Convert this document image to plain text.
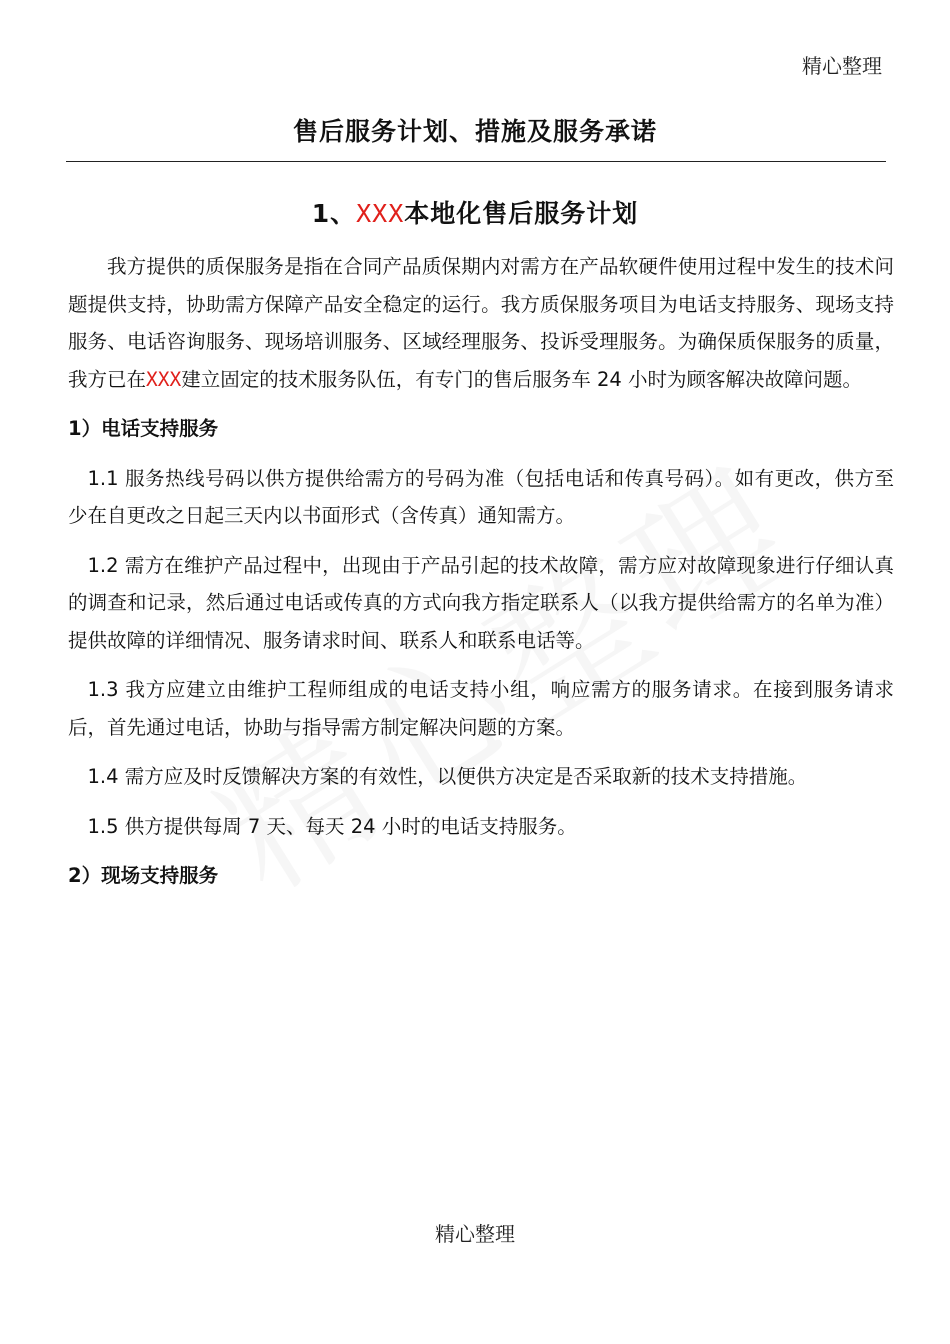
精心整理
售后服务计划、措施及服务承诺
1、XXX本地化售后服务计划

我方提供的质保服务是指在合同产品质保期内对需方在产品软硬件使用过程中发生的技术问题提供支持，协助需方保障产品安全稳定的运行。我方质保服务项目为电话支持服务、现场支持服务、电话咨询服务、现场培训服务、区域经理服务、投诉受理服务。为确保质保服务的质量，我方已在XXX建立固定的技术服务队伍，有专门的售后服务车 24 小时为顾客解决故障问题。

1）电话支持服务

1.1 服务热线号码以供方提供给需方的号码为准（包括电话和传真号码）。如有更改，供方至少在自更改之日起三天内以书面形式（含传真）通知需方。

1.2 需方在维护产品过程中，出现由于产品引起的技术故障，需方应对故障现象进行仔细认真的调查和记录，然后通过电话或传真的方式向我方指定联系人（以我方提供给需方的名单为准）提供故障的详细情况、服务请求时间、联系人和联系电话等。

1.3 我方应建立由维护工程师组成的电话支持小组，响应需方的服务请求。在接到服务请求后，首先通过电话，协助与指导需方制定解决问题的方案。

1.4 需方应及时反馈解决方案的有效性，以便供方决定是否采取新的技术支持措施。

1.5 供方提供每周 7 天、每天 24 小时的电话支持服务。

2）现场支持服务
精心整理
